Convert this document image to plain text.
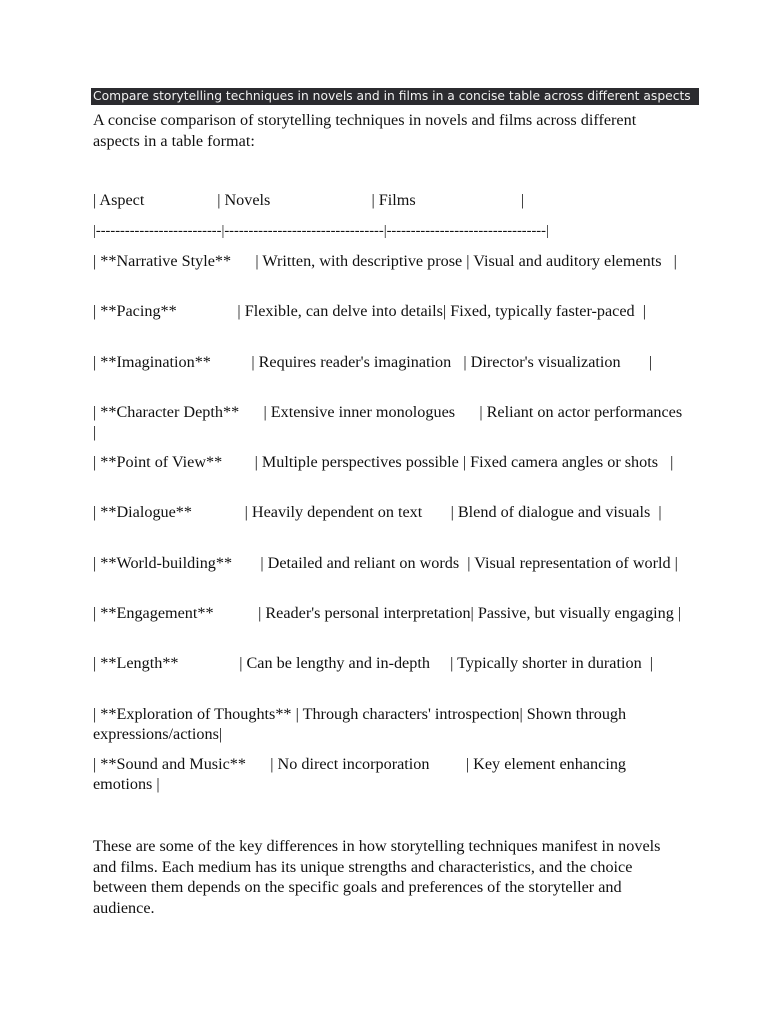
Compare storytelling techniques in novels and in films in a concise table across different aspects

A concise comparison of storytelling techniques in novels and films across different aspects in a table format:

| Aspect                  | Novels                         | Films                          |

|--------------------------|---------------------------------|---------------------------------|

| **Narrative Style**      | Written, with descriptive prose | Visual and auditory elements   |
| **Pacing**               | Flexible, can delve into details| Fixed, typically faster-paced  |
| **Imagination**          | Requires reader's imagination   | Director's visualization       |
| **Character Depth**      | Extensive inner monologues      | Reliant on actor performances  |
| **Point of View**        | Multiple perspectives possible | Fixed camera angles or shots   |
| **Dialogue**             | Heavily dependent on text       | Blend of dialogue and visuals  |
| **World-building**       | Detailed and reliant on words  | Visual representation of world |
| **Engagement**           | Reader's personal interpretation| Passive, but visually engaging |
| **Length**               | Can be lengthy and in-depth     | Typically shorter in duration  |
| **Exploration of Thoughts** | Through characters' introspection| Shown through expressions/actions|
| **Sound and Music**      | No direct incorporation         | Key element enhancing emotions |

These are some of the key differences in how storytelling techniques manifest in novels and films. Each medium has its unique strengths and characteristics, and the choice between them depends on the specific goals and preferences of the storyteller and audience.
